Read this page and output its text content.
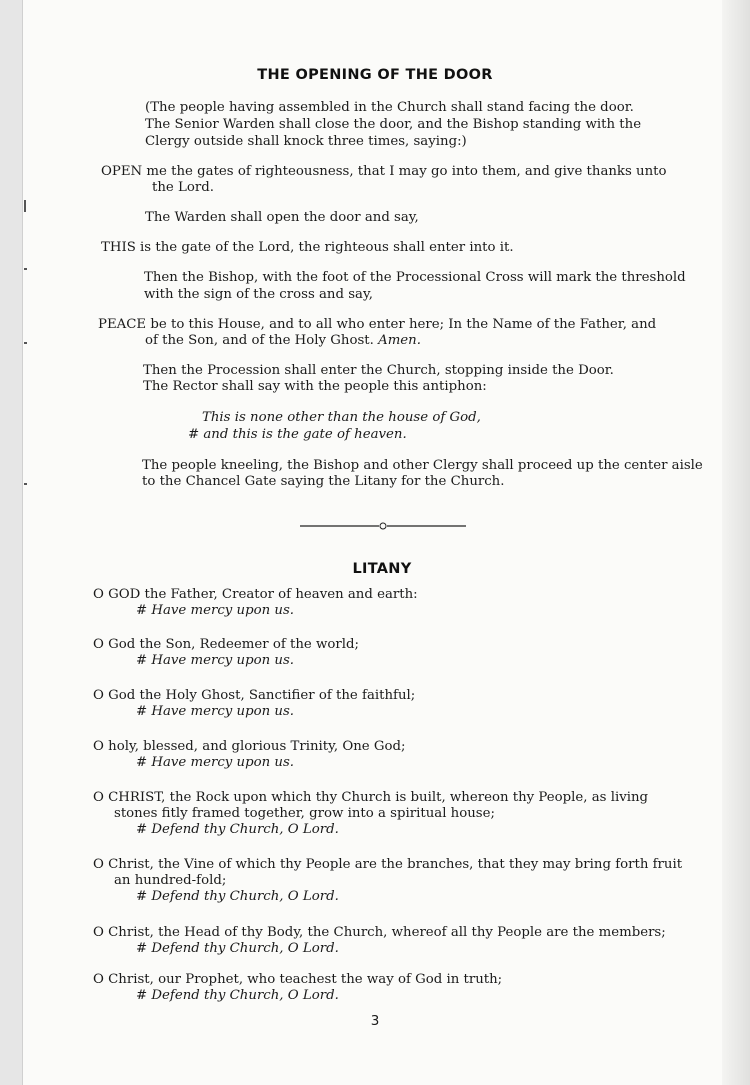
THE OPENING OF THE DOOR
(The people having assembled in the Church shall stand facing the door.
The Senior Warden shall close the door, and the Bishop standing with the
Clergy outside shall knock three times, saying:)
OPEN me the gates of righteousness, that I may go into them, and give thanks unto
the Lord.
The Warden shall open the door and say,
THIS is the gate of the Lord, the righteous shall enter into it.
Then the Bishop, with the foot of the Processional Cross will mark the threshold
with the sign of the cross and say,
PEACE be to this House, and to all who enter here; In the Name of the Father, and
of the Son, and of the Holy Ghost. Amen.
Then the Procession shall enter the Church, stopping inside the Door.
The Rector shall say with the people this antiphon:
This is none other than the house of God,
# and this is the gate of heaven.
The people kneeling, the Bishop and other Clergy shall proceed up the center aisle
to the Chancel Gate saying the Litany for the Church.
LITANY
O GOD the Father, Creator of heaven and earth:
# Have mercy upon us.
O God the Son, Redeemer of the world;
# Have mercy upon us.
O God the Holy Ghost, Sanctifier of the faithful;
# Have mercy upon us.
O holy, blessed, and glorious Trinity, One God;
# Have mercy upon us.
O CHRIST, the Rock upon which thy Church is built, whereon thy People, as living
stones fitly framed together, grow into a spiritual house;
# Defend thy Church, O Lord.
O Christ, the Vine of which thy People are the branches, that they may bring forth fruit
an hundred-fold;
# Defend thy Church, O Lord.
O Christ, the Head of thy Body, the Church, whereof all thy People are the members;
# Defend thy Church, O Lord.
O Christ, our Prophet, who teachest the way of God in truth;
# Defend thy Church, O Lord.
3
